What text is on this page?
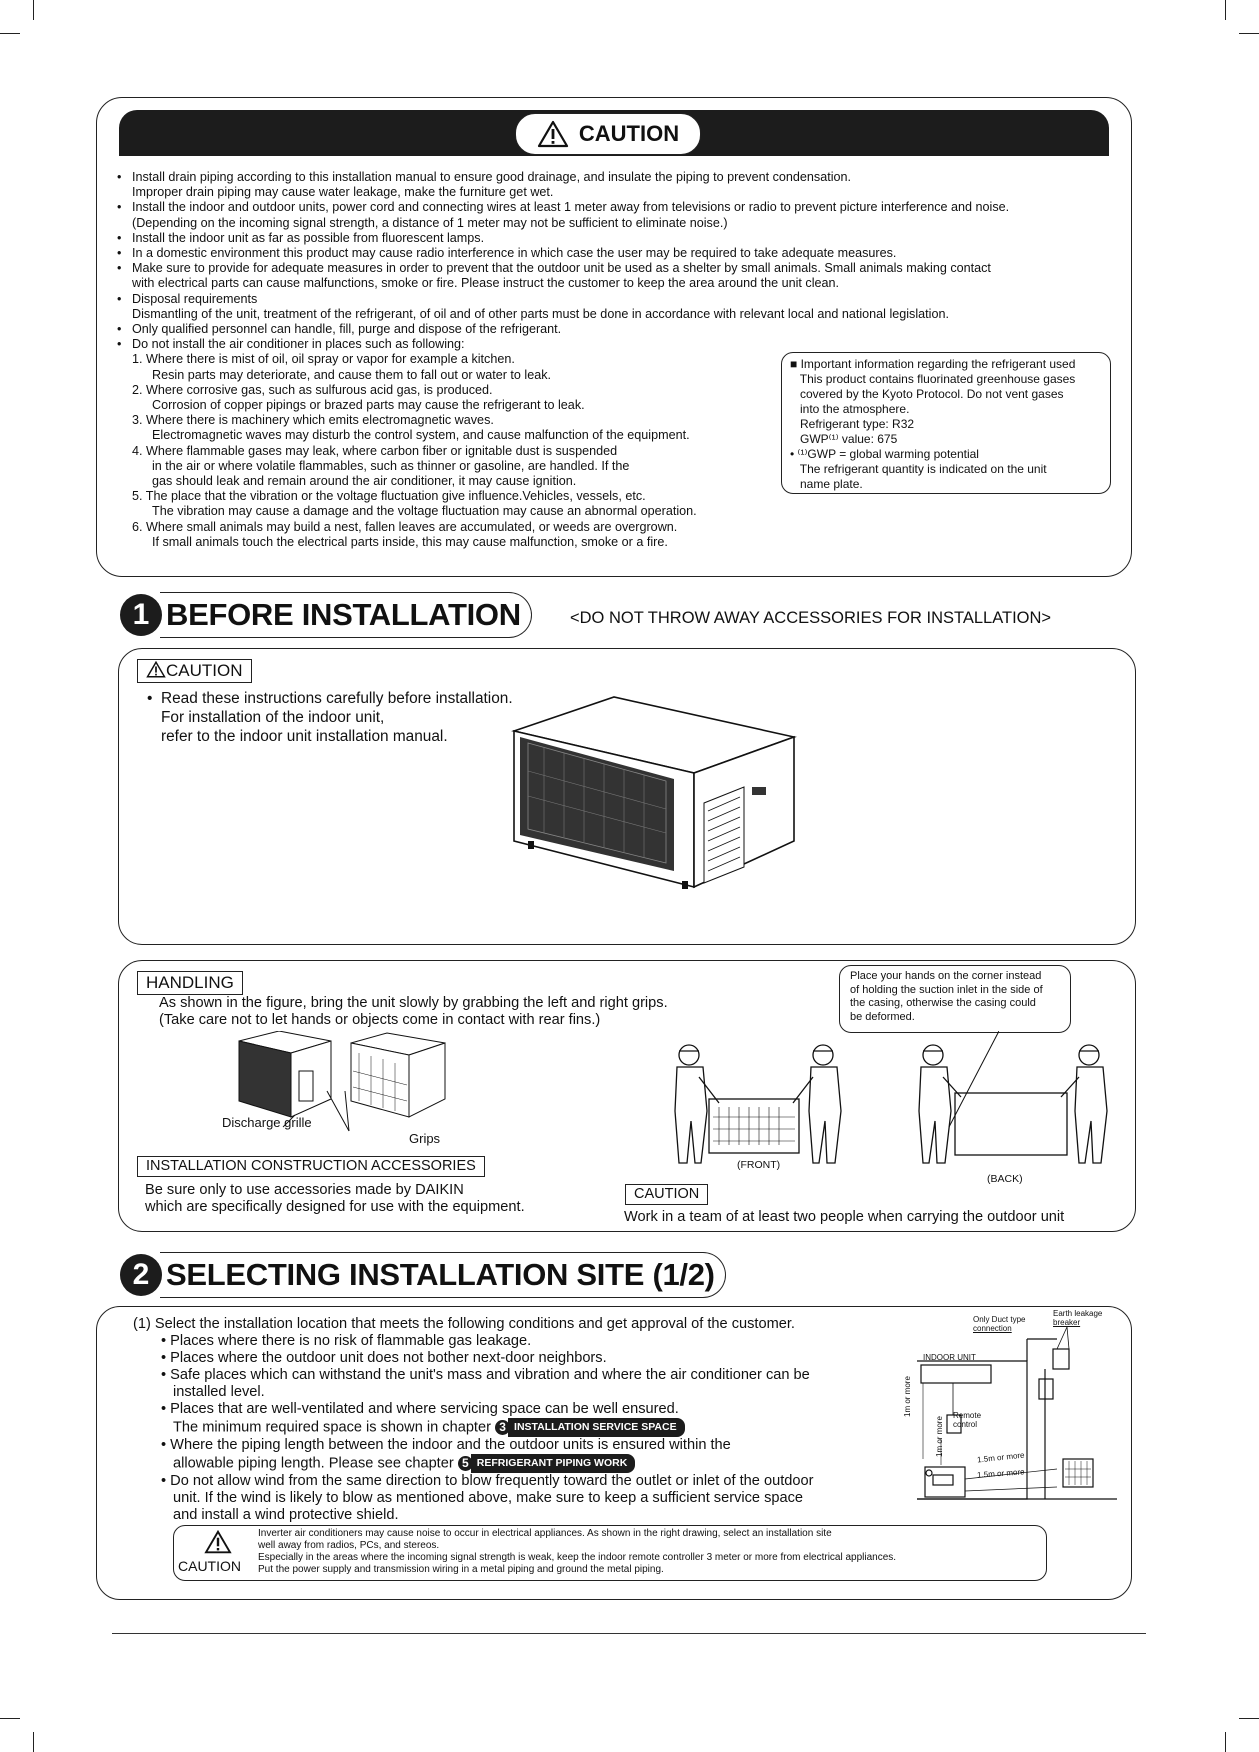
CAUTION
• Install drain piping according to this installation manual to ensure good drainage, and insulate the piping to prevent condensation.
Improper drain piping may cause water leakage, make the furniture get wet.
• Install the indoor and outdoor units, power cord and connecting wires at least 1 meter away from televisions or radio to prevent picture interference and noise.
(Depending on the incoming signal strength, a distance of 1 meter may not be sufficient to eliminate noise.)
• Install the indoor unit as far as possible from fluorescent lamps.
• In a domestic environment this product may cause radio interference in which case the user may be required to take adequate measures.
• Make sure to provide for adequate measures in order to prevent that the outdoor unit be used as a shelter by small animals. Small animals making contact
with electrical parts can cause malfunctions, smoke or fire. Please instruct the customer to keep the area around the unit clean.
• Disposal requirements
Dismantling of the unit, treatment of the refrigerant, of oil and of other parts must be done in accordance with relevant local and national legislation.
• Only qualified personnel can handle, fill, purge and dispose of the refrigerant.
• Do not install the air conditioner in places such as following:
1. Where there is mist of oil, oil spray or vapor for example a kitchen.
Resin parts may deteriorate, and cause them to fall out or water to leak.
2. Where corrosive gas, such as sulfurous acid gas, is produced.
Corrosion of copper pipings or brazed parts may cause the refrigerant to leak.
3. Where there is machinery which emits electromagnetic waves.
Electromagnetic waves may disturb the control system, and cause malfunction of the equipment.
4. Where flammable gases may leak, where carbon fiber or ignitable dust is suspended
in the air or where volatile flammables, such as thinner or gasoline, are handled. If the
gas should leak and remain around the air conditioner, it may cause ignition.
5. The place that the vibration or the voltage fluctuation give influence.Vehicles, vessels, etc.
The vibration may cause a damage and the voltage fluctuation may cause an abnormal operation.
6. Where small animals may build a nest, fallen leaves are accumulated, or weeds are overgrown.
If small animals touch the electrical parts inside, this may cause malfunction, smoke or a fire.
■ Important information regarding the refrigerant used
This product contains fluorinated greenhouse gases
covered by the Kyoto Protocol. Do not vent gases
into the atmosphere.
Refrigerant type: R32
GWP⁽¹⁾ value: 675
• ⁽¹⁾GWP = global warming potential
The refrigerant quantity is indicated on the unit
name plate.
1 BEFORE INSTALLATION	<DO NOT THROW AWAY ACCESSORIES FOR INSTALLATION>
CAUTION
• Read these instructions carefully before installation.
For installation of the indoor unit,
refer to the indoor unit installation manual.
HANDLING
As shown in the figure, bring the unit slowly by grabbing the left and right grips.
(Take care not to let hands or objects come in contact with rear fins.)
Discharge grille
Grips
Place your hands on the corner instead
of holding the suction inlet in the side of
the casing, otherwise the casing could
be deformed.
(FRONT)
(BACK)
INSTALLATION CONSTRUCTION ACCESSORIES
Be sure only to use accessories made by DAIKIN
which are specifically designed for use with the equipment.
CAUTION
Work in a team of at least two people when carrying the outdoor unit
2 SELECTING INSTALLATION SITE (1/2)
(1) Select the installation location that meets the following conditions and get approval of the customer.
• Places where there is no risk of flammable gas leakage.
• Places where the outdoor unit does not bother next-door neighbors.
• Safe places which can withstand the unit's mass and vibration and where the air conditioner can be
installed level.
• Places that are well-ventilated and where servicing space can be well ensured.
The minimum required space is shown in chapter 3 INSTALLATION SERVICE SPACE
• Where the piping length between the indoor and the outdoor units is ensured within the
allowable piping length. Please see chapter 5 REFRIGERANT PIPING WORK
• Do not allow wind from the same direction to blow frequently toward the outlet or inlet of the outdoor
unit. If the wind is likely to blow as mentioned above, make sure to keep a sufficient service space
and install a wind protective shield.
Only Duct type
connection
Earth leakage
breaker
INDOOR UNIT
Remote
control
1m or more
1m or more
1.5m or more
1.5m or more
CAUTION
Inverter air conditioners may cause noise to occur in electrical appliances. As shown in the right drawing, select an installation site
well away from radios, PCs, and stereos.
Especially in the areas where the incoming signal strength is weak, keep the indoor remote controller 3 meter or more from electrical appliances.
Put the power supply and transmission wiring in a metal piping and ground the metal piping.
